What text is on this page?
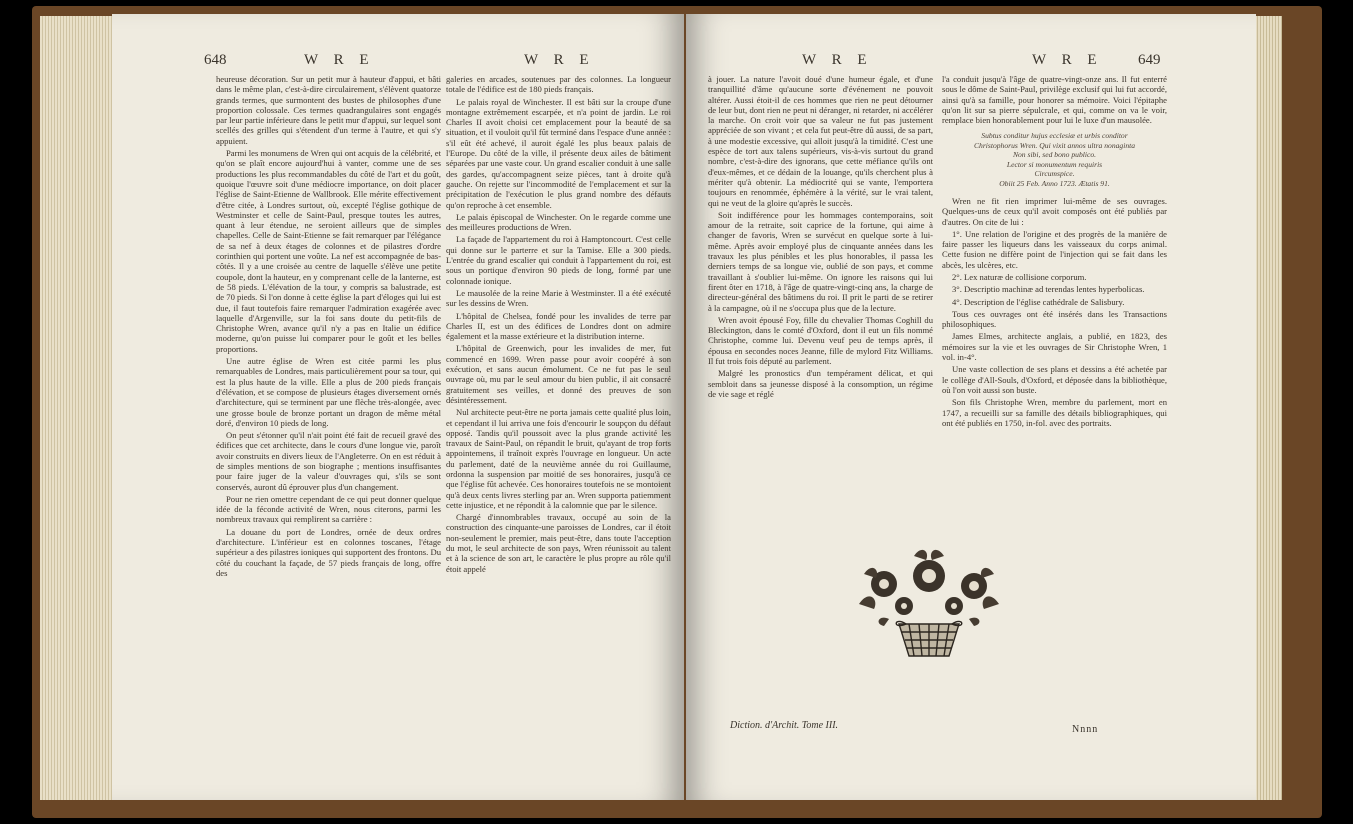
648	W R E	W R E

heureuse décoration. Sur un petit mur à hauteur d'appui, et bâti dans le même plan, c'est-à-dire circulairement, s'élèvent quatorze grands termes, que surmontent des bustes de philosophes d'une proportion colossale. Ces termes quadrangulaires sont engagés par leur partie inférieure dans le petit mur d'appui, sur lequel sont scellés des grilles qui s'étendent d'un terme à l'autre, et qui s'y appuient.

Parmi les monumens de Wren qui ont acquis de la célébrité, et qu'on se plaît encore aujourd'hui à vanter, comme une de ses productions les plus recommandables du côté de l'art et du goût, quoique l'œuvre soit d'une médiocre importance, on doit placer l'église de Saint-Etienne de Wallbrook. Elle mérite effectivement d'être citée, à Londres surtout, où, excepté l'église gothique de Westminster et celle de Saint-Paul, presque toutes les autres, quant à leur étendue, ne seroient ailleurs que de simples chapelles. Celle de Saint-Etienne se fait remarquer par l'élégance de sa nef à deux étages de colonnes et de pilastres d'ordre corinthien qui portent une voûte. La nef est accompagnée de bas-côtés. Il y a une croisée au centre de laquelle s'élève une petite coupole, dont la hauteur, en y comprenant celle de la lanterne, est de 58 pieds. L'élévation de la tour, y compris sa balustrade, est de 70 pieds. Si l'on donne à cette église la part d'éloges qui lui est due, il faut toutefois faire remarquer l'admiration exagérée avec laquelle d'Argenville, sur la foi sans doute du petit-fils de Christophe Wren, avance qu'il n'y a pas en Italie un édifice moderne, qu'on puisse lui comparer pour le goût et les belles proportions.

Une autre église de Wren est citée parmi les plus remarquables de Londres, mais particulièrement pour sa tour, qui est la plus haute de la ville. Elle a plus de 200 pieds français d'élévation, et se compose de plusieurs étages diversement ornés d'architecture, qui se terminent par une flèche très-alongée, avec une grosse boule de bronze portant un dragon de même métal doré, d'environ 10 pieds de long.

On peut s'étonner qu'il n'ait point été fait de recueil gravé des édifices que cet architecte, dans le cours d'une longue vie, paroît avoir construits en divers lieux de l'Angleterre. On en est réduit à de simples mentions de son biographe ; mentions insuffisantes pour faire juger de la valeur d'ouvrages qui, s'ils se sont conservés, auront dû éprouver plus d'un changement.

Pour ne rien omettre cependant de ce qui peut donner quelque idée de la féconde activité de Wren, nous citerons, parmi les nombreux travaux qui remplirent sa carrière :

La douane du port de Londres, ornée de deux ordres d'architecture. L'inférieur est en colonnes toscanes, l'étage supérieur a des pilastres ioniques qui supportent des frontons. Du côté du couchant la façade, de 57 pieds français de long, offre des

galeries en arcades, soutenues par des colonnes. La longueur totale de l'édifice est de 180 pieds français.

Le palais royal de Winchester. Il est bâti sur la croupe d'une montagne extrêmement escarpée, et n'a point de jardin. Le roi Charles II avoit choisi cet emplacement pour la beauté de sa situation, et il vouloit qu'il fût terminé dans l'espace d'une année : s'il eût été achevé, il auroit égalé les plus beaux palais de l'Europe. Du côté de la ville, il présente deux ailes de bâtiment séparées par une vaste cour. Un grand escalier conduit à une salle des gardes, qu'accompagnent seize pièces, tant à droite qu'à gauche. On rejette sur l'incommodité de l'emplacement et sur la précipitation de l'exécution le plus grand nombre des défauts qu'on reproche à cet ensemble.

Le palais épiscopal de Winchester. On le regarde comme une des meilleures productions de Wren.

La façade de l'appartement du roi à Hamptoncourt. C'est celle qui donne sur le parterre et sur la Tamise. Elle a 300 pieds. L'entrée du grand escalier qui conduit à l'appartement du roi, est sous un portique d'environ 90 pieds de long, formé par une colonnade ionique.

Le mausolée de la reine Marie à Westminster. Il a été exécuté sur les dessins de Wren.

L'hôpital de Chelsea, fondé pour les invalides de terre par Charles II, est un des édifices de Londres dont on admire également et la masse extérieure et la distribution interne.

L'hôpital de Greenwich, pour les invalides de mer, fut commencé en 1699. Wren passe pour avoir coopéré à son exécution, et sans aucun émolument. Ce ne fut pas le seul ouvrage où, mu par le seul amour du bien public, il ait consacré gratuitement ses veilles, et donné des preuves de son désintéressement.

Nul architecte peut-être ne porta jamais cette qualité plus loin, et cependant il lui arriva une fois d'encourir le soupçon du défaut opposé. Tandis qu'il poussoit avec la plus grande activité les travaux de Saint-Paul, on répandit le bruit, qu'ayant de trop forts appointemens, il traînoit exprès l'ouvrage en longueur. Un acte du parlement, daté de la neuvième année du roi Guillaume, ordonna la suspension par moitié de ses honoraires, jusqu'à ce que l'église fût achevée. Ces honoraires toutefois ne se montoient qu'à deux cents livres sterling par an. Wren supporta patiemment cette injustice, et ne répondit à la calomnie que par le silence.

Chargé d'innombrables travaux, occupé au soin de la construction des cinquante-une paroisses de Londres, car il étoit non-seulement le premier, mais peut-être, dans toute l'acception du mot, le seul architecte de son pays, Wren réunissoit au talent et à la science de son art, le caractère le plus propre au rôle qu'il étoit appelé

W R E	W R E 649

à jouer. La nature l'avoit doué d'une humeur égale, et d'une tranquillité d'âme qu'aucune sorte d'événement ne pouvoit altérer. Aussi étoit-il de ces hommes que rien ne peut détourner de leur but, dont rien ne peut ni déranger, ni retarder, ni accélérer la marche. On croit voir que sa valeur ne fut pas justement appréciée de son vivant ; et cela fut peut-être dû aussi, de sa part, à une modestie excessive, qui alloit jusqu'à la timidité. C'est une espèce de tort aux talens supérieurs, vis-à-vis surtout du grand nombre, c'est-à-dire des ignorans, que cette méfiance qu'ils ont d'eux-mêmes, et ce dédain de la louange, qu'ils cherchent plus à mériter qu'à obtenir. La médiocrité qui se vante, l'emportera toujours en renommée, éphémère à la vérité, sur le vrai talent, qui ne veut de la gloire qu'après le succès.

Soit indifférence pour les hommages contemporains, soit amour de la retraite, soit caprice de la fortune, qui aime à changer de favoris, Wren se survécut en quelque sorte à lui-même. Après avoir employé plus de cinquante années dans les travaux les plus pénibles et les plus honorables, il passa les derniers temps de sa longue vie, oublié de son pays, et comme travaillant à s'oublier lui-même. On ignore les raisons qui lui firent ôter en 1718, à l'âge de quatre-vingt-cinq ans, la charge de directeur-général des bâtimens du roi. Il prit le parti de se retirer à la campagne, où il ne s'occupa plus que de la lecture.

Wren avoit épousé Foy, fille du chevalier Thomas Coghill du Bleckington, dans le comté d'Oxford, dont il eut un fils nommé Christophe, comme lui. Devenu veuf peu de temps après, il épousa en secondes noces Jeanne, fille de mylord Fitz Williams. Il fut trois fois député au parlement.

Malgré les pronostics d'un tempérament délicat, et qui sembloit dans sa jeunesse disposé à la consomption, un régime de vie sage et réglé

l'a conduit jusqu'à l'âge de quatre-vingt-onze ans. Il fut enterré sous le dôme de Saint-Paul, privilège exclusif qui lui fut accordé, ainsi qu'à sa famille, pour honorer sa mémoire. Voici l'épitaphe qu'on lit sur sa pierre sépulcrale, et qui, comme on va le voir, remplace bien honorablement pour lui le luxe d'un mausolée.

Subtus conditur hujus ecclesiæ et urbis conditor
Christophorus Wren. Qui vixit annos ultra nonaginta
Non sibi, sed bono publico.
Lector si monumentum requiris
Circumspice.
Obiit 25 Feb. Anno 1723. Ætatis 91.

Wren ne fit rien imprimer lui-même de ses ouvrages. Quelques-uns de ceux qu'il avoit composés ont été publiés par d'autres. On cite de lui :

1°. Une relation de l'origine et des progrès de la manière de faire passer les liqueurs dans les vaisseaux du corps animal. Cette fusion ne diffère point de l'injection qui se fait dans les abcès, les ulcères, etc.

2°. Lex naturæ de collisione corporum.

3°. Descriptio machinæ ad terendas lentes hyperbolicas.

4°. Description de l'église cathédrale de Salisbury.

Tous ces ouvrages ont été insérés dans les Transactions philosophiques.

James Elmes, architecte anglais, a publié, en 1823, des mémoires sur la vie et les ouvrages de Sir Christophe Wren, 1 vol. in-4°.

Une vaste collection de ses plans et dessins a été achetée par le collège d'All-Souls, d'Oxford, et déposée dans la bibliothèque, où l'on voit aussi son buste.

Son fils Christophe Wren, membre du parlement, mort en 1747, a recueilli sur sa famille des détails bibliographiques, qui ont été publiés en 1750, in-fol. avec des portraits.

Diction. d'Archit. Tome III.	Nnnn
